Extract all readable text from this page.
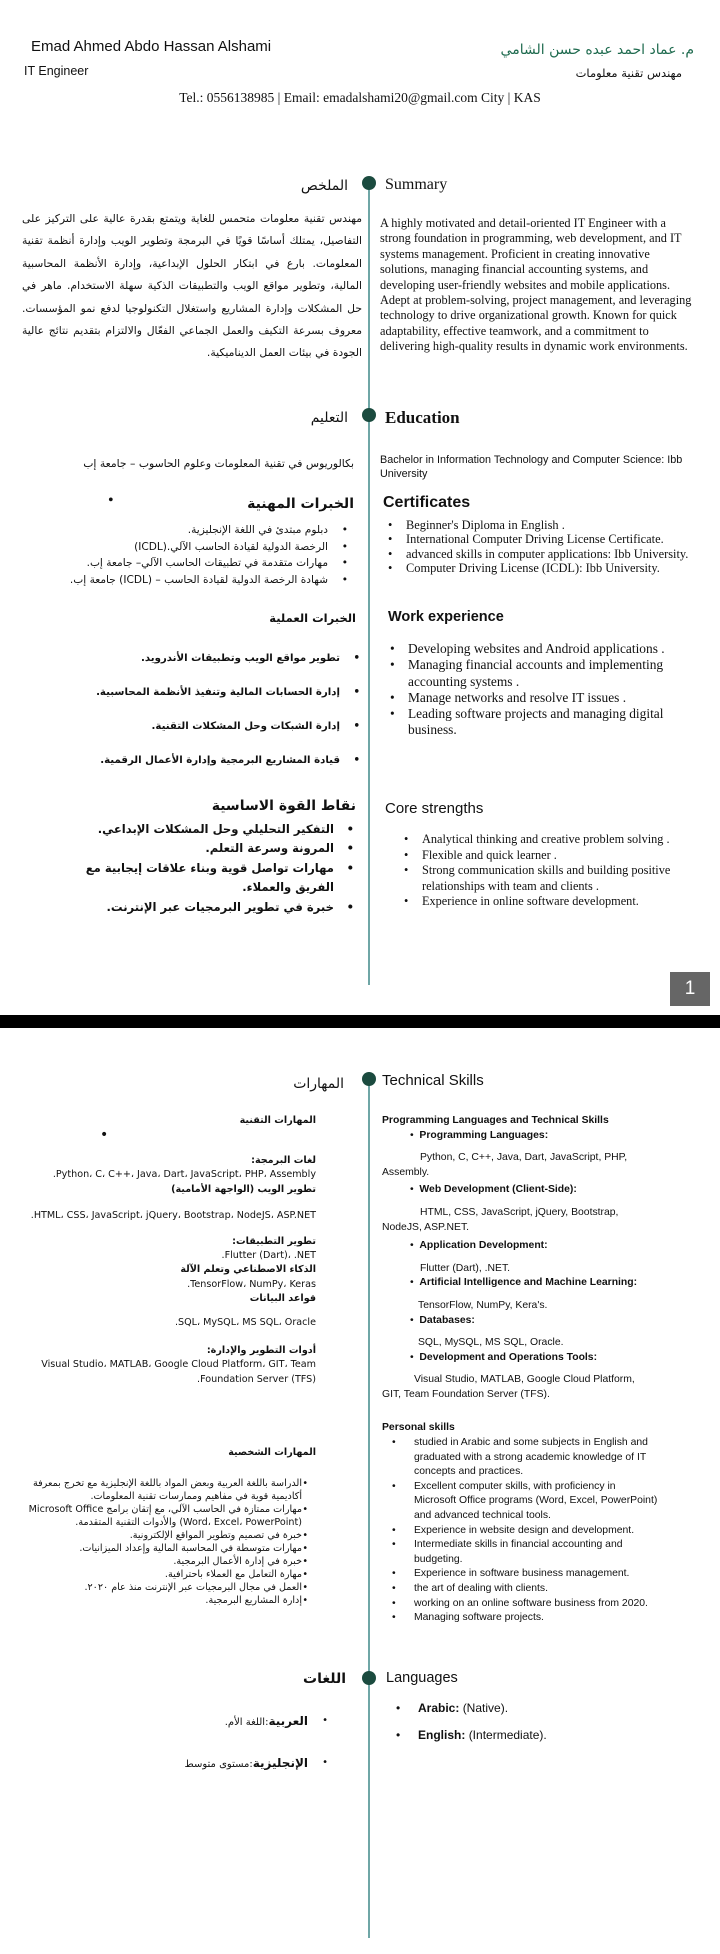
Emad Ahmed Abdo Hassan Alshami
IT Engineer
م. عماد احمد عبده حسن الشامي
مهندس تقنية معلومات
Tel.: 0556138985 | Email: emadalshami20@gmail.com City | KAS
Summary
الملخص
A highly motivated and detail-oriented IT Engineer with a strong foundation in programming, web development, and IT systems management. Proficient in creating innovative solutions, managing financial accounting systems, and developing user-friendly websites and mobile applications. Adept at problem-solving, project management, and leveraging technology to drive organizational growth. Known for quick adaptability, effective teamwork, and a commitment to delivering high-quality results in dynamic work environments.
مهندس تقنية معلومات متحمس للغاية ويتمتع بقدرة عالية على التركيز على التفاصيل، يمتلك أساسًا قويًا في البرمجة وتطوير الويب وإدارة أنظمة تقنية المعلومات. بارع في ابتكار الحلول الإبداعية، وإدارة الأنظمة المحاسبية المالية، وتطوير مواقع الويب والتطبيقات الذكية سهلة الاستخدام. ماهر في حل المشكلات وإدارة المشاريع واستغلال التكنولوجيا لدفع نمو المؤسسات. معروف بسرعة التكيف والعمل الجماعي الفعّال والالتزام بتقديم نتائج عالية الجودة في بيئات العمل الديناميكية.
Education
التعليم
Bachelor in Information Technology and Computer Science: Ibb University
بكالوريوس في تقنية المعلومات وعلوم الحاسوب – جامعة إب
Certificates
الخبرات المهنية
•
• Beginner's Diploma in English .
• International Computer Driving License Certificate.
• advanced skills in computer applications: Ibb University.
• Computer Driving License (ICDL): Ibb University.
• دبلوم مبتدئ في اللغة الإنجليزية.
• الرخصة الدولية لقيادة الحاسب الآلي.(ICDL)
• مهارات متقدمة في تطبيقات الحاسب الآلي– جامعة إب.
• شهادة الرخصة الدولية لقيادة الحاسب – (ICDL) جامعة إب.
Work experience
الخبرات العملية
• Developing websites and Android applications .
• Managing financial accounts and implementing accounting systems .
• Manage networks and resolve IT issues .
• Leading software projects and managing digital business.
• تطوير مواقع الويب وتطبيقات الأندرويد.
• إدارة الحسابات المالية وتنفيذ الأنظمة المحاسبية.
• إدارة الشبكات وحل المشكلات التقنية.
• قيادة المشاريع البرمجية وإدارة الأعمال الرقمية.
Core strengths
نقاط القوة الاساسية
• Analytical thinking and creative problem solving .
• Flexible and quick learner .
• Strong communication skills and building positive relationships with team and clients .
• Experience in online software development.
• التفكير التحليلي وحل المشكلات الإبداعي.
• المرونة وسرعة التعلم.
• مهارات تواصل قوية وبناء علاقات إيجابية مع الفريق والعملاء.
• خبرة في تطوير البرمجيات عبر الإنترنت.
1
Technical Skills
المهارات
Programming Languages and Technical Skills
•  Programming Languages:
Python, C, C++, Java, Dart, JavaScript, PHP, Assembly.
•  Web Development (Client-Side):
HTML, CSS, JavaScript, jQuery, Bootstrap, NodeJS, ASP.NET.
•  Application Development:
Flutter (Dart), .NET.
•  Artificial Intelligence and Machine Learning:
TensorFlow, NumPy, Kera's.
•  Databases:
SQL, MySQL, MS SQL, Oracle.
•  Development and Operations Tools:
Visual Studio, MATLAB, Google Cloud Platform, GIT, Team Foundation Server (TFS).
المهارات التقنية
•
لغات البرمجة:
Python، C، C++، Java، Dart، JavaScript، PHP، Assembly.
تطوير الويب (الواجهة الأمامية)
HTML، CSS، JavaScript، jQuery، Bootstrap، NodeJS، ASP.NET.
تطوير التطبيقات:
Flutter (Dart)، .NET.
الذكاء الاصطناعي وتعلم الآلة
TensorFlow، NumPy، Keras.
قواعد البيانات
SQL، MySQL، MS SQL، Oracle.
أدوات التطوير والإدارة:
Visual Studio، MATLAB، Google Cloud Platform، GIT، Team Foundation Server (TFS).
Personal skills
• studied in Arabic and some subjects in English and graduated with a strong academic knowledge of IT concepts and practices.
• Excellent computer skills, with proficiency in Microsoft Office programs (Word, Excel, PowerPoint) and advanced technical tools.
• Experience in website design and development.
• Intermediate skills in financial accounting and budgeting.
• Experience in software business management.
• the art of dealing with clients.
• working on an online software business from 2020.
• Managing software projects.
المهارات الشخصية
• الدراسة باللغة العربية وبعض المواد باللغة الإنجليزية مع تخرج بمعرفة أكاديمية قوية في مفاهيم وممارسات تقنية المعلومات.
• مهارات ممتازة في الحاسب الآلي، مع إتقان برامج Microsoft Office (Word، Excel، PowerPoint) والأدوات التقنية المتقدمة.
• خبرة في تصميم وتطوير المواقع الإلكترونية.
• مهارات متوسطة في المحاسبة المالية وإعداد الميزانيات.
• خبرة في إدارة الأعمال البرمجية.
• مهارة التعامل مع العملاء باحترافية.
• العمل في مجال البرمجيات عبر الإنترنت منذ عام ٢٠٢٠.
• إدارة المشاريع البرمجية.
Languages
اللغات
• Arabic: (Native).
• English: (Intermediate).
• العربية:اللغة الأم.
• الإنجليزية:مستوى متوسط
